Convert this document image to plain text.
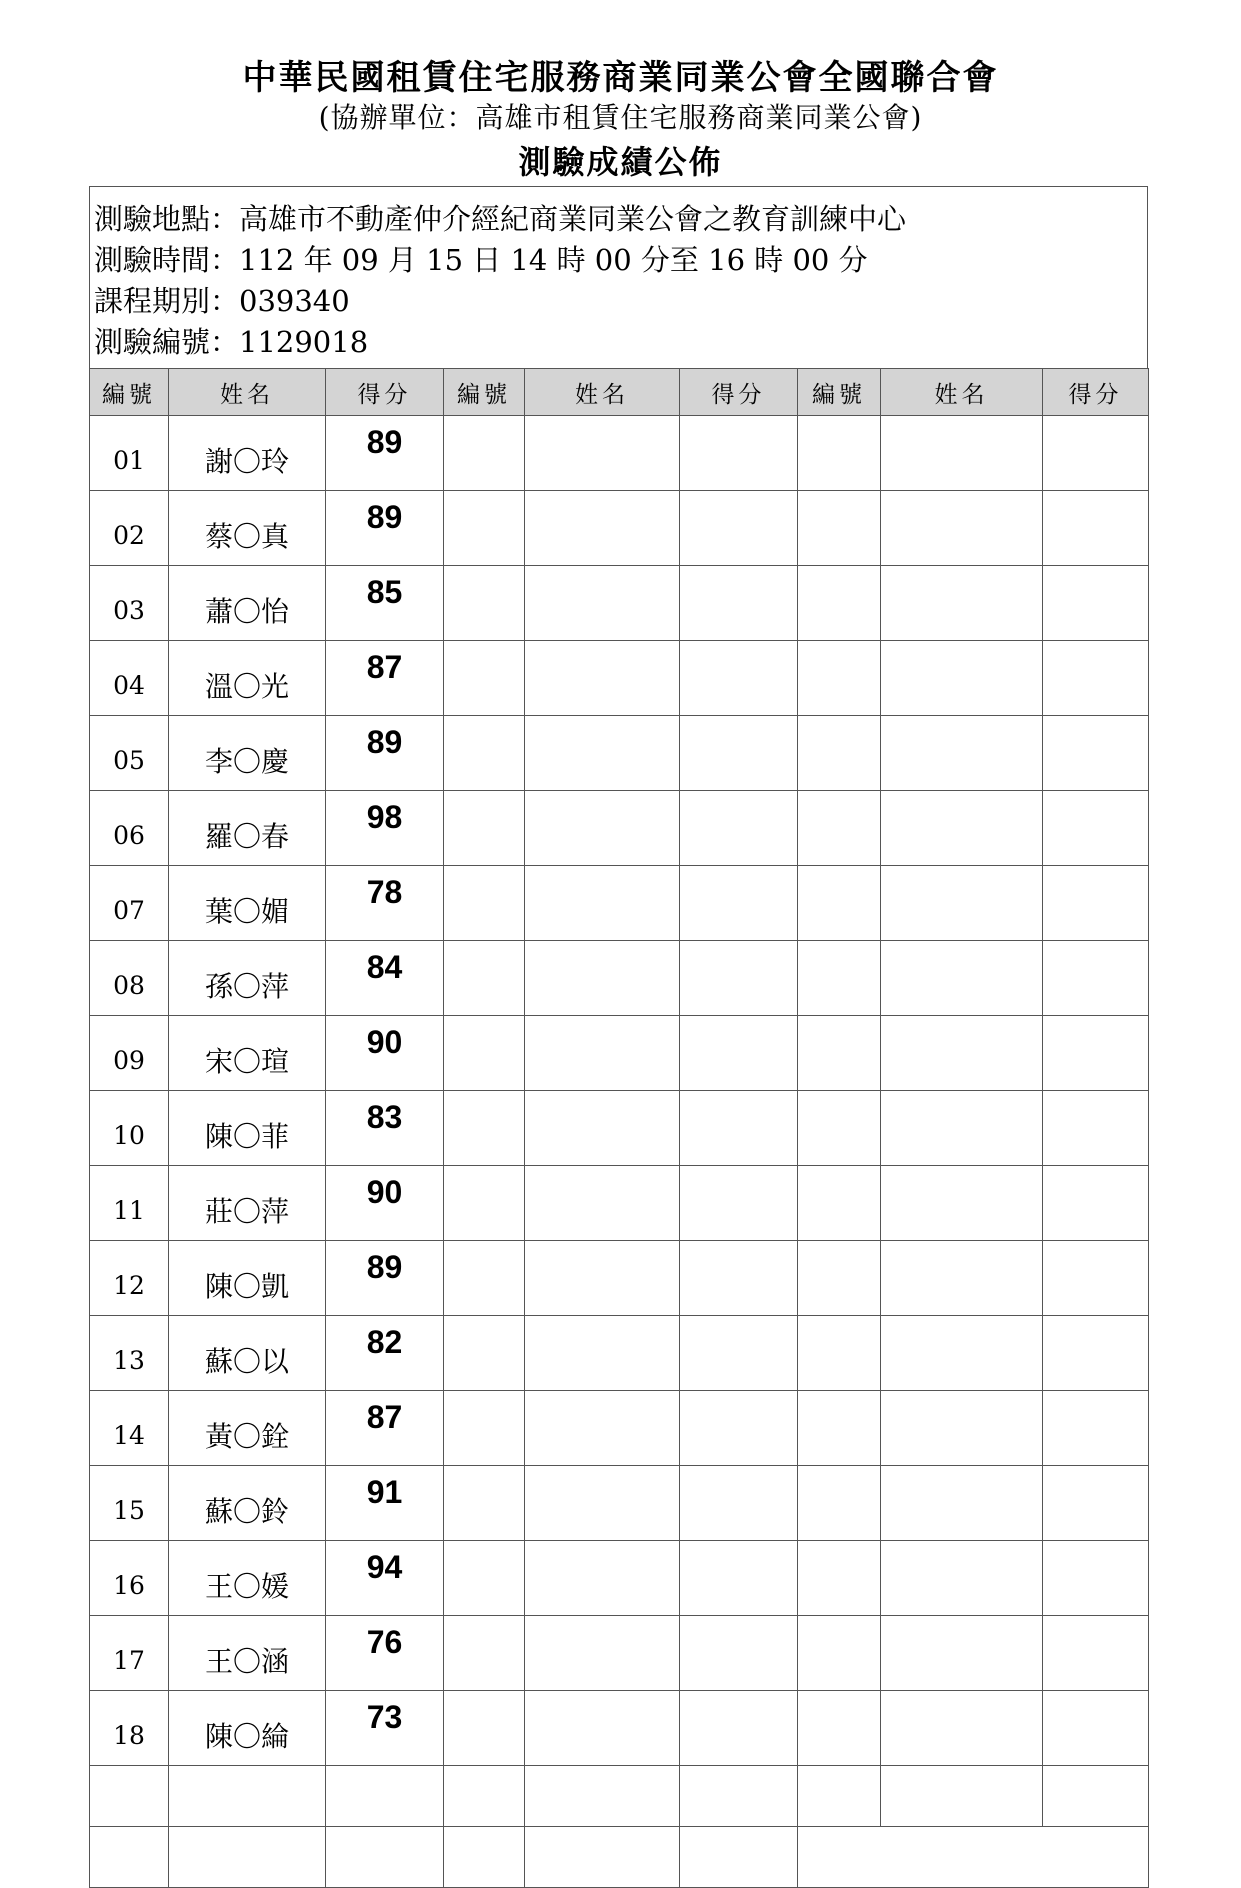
中華民國租賃住宅服務商業同業公會全國聯合會
(協辦單位：高雄市租賃住宅服務商業同業公會)
測驗成績公佈
測驗地點：高雄市不動產仲介經紀商業同業公會之教育訓練中心
測驗時間：112 年 09 月 15 日 14 時 00 分至 16 時 00 分
課程期別：039340
測驗編號：1129018
編號	姓名	得分	編號	姓名	得分	編號	姓名	得分
01	謝〇玲	89						
02	蔡〇真	89						
03	蕭〇怡	85						
04	溫〇光	87						
05	李〇慶	89						
06	羅〇春	98						
07	葉〇媚	78						
08	孫〇萍	84						
09	宋〇瑄	90						
10	陳〇菲	83						
11	莊〇萍	90						
12	陳〇凱	89						
13	蘇〇以	82						
14	黃〇銓	87						
15	蘇〇鈴	91						
16	王〇媛	94						
17	王〇涵	76						
18	陳〇綸	73						
